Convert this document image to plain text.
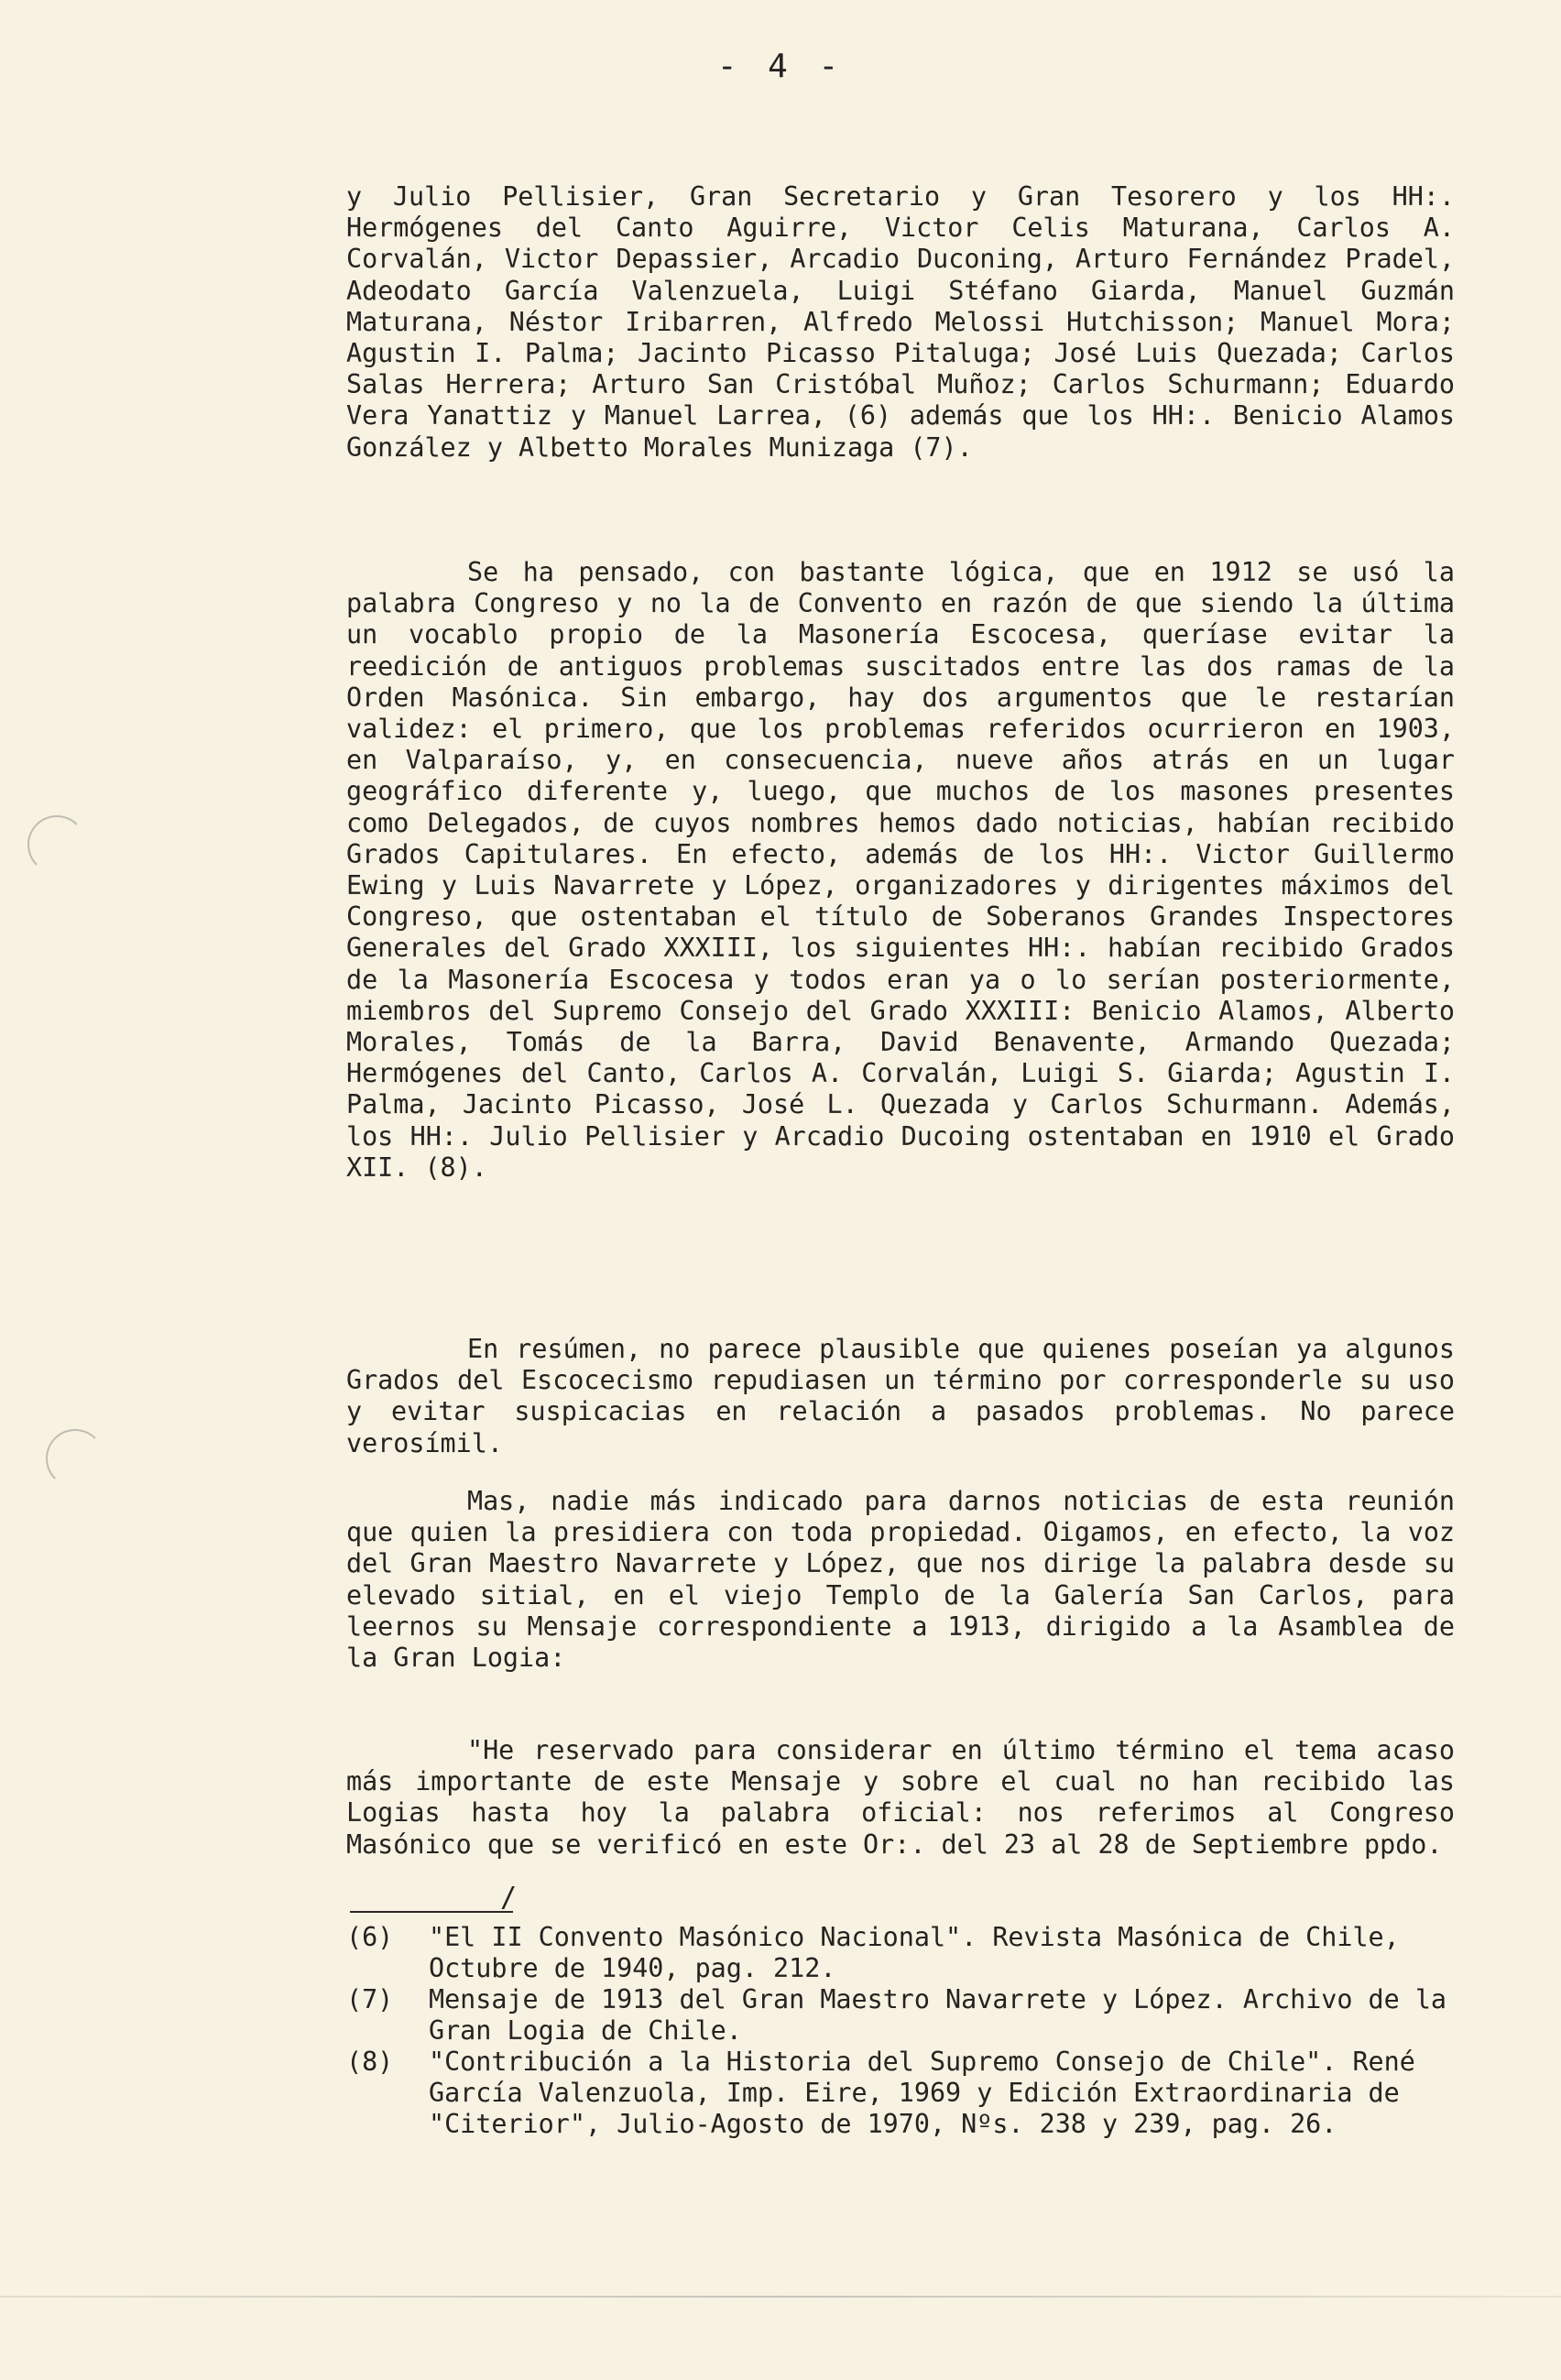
- 4 -
y Julio Pellisier, Gran Secretario y Gran Tesorero y los HH:. Hermógenes del Canto Aguirre, Victor Celis Maturana, Carlos A. Corvalán, Victor Depassier, Arcadio Duconing, Arturo Fernández Pradel, Adeodato García Valenzuela, Luigi Stéfano Giarda, Manuel Guzmán Maturana, Néstor Iribarren, Alfredo Melossi Hutchisson; Manuel Mora; Agustin I. Palma; Jacinto Picasso Pitaluga; José Luis Quezada; Carlos Salas Herrera; Arturo San Cristóbal Muñoz; Carlos Schurmann; Eduardo Vera Yanattiz y Manuel Larrea, (6) además que los HH:. Benicio Alamos González y Albetto Morales Munizaga (7).
Se ha pensado, con bastante lógica, que en 1912 se usó la palabra Congreso y no la de Convento en razón de que siendo la última un vocablo propio de la Masonería Escocesa, queríase evitar la reedición de antiguos problemas suscitados entre las dos ramas de la Orden Masónica. Sin embargo, hay dos argumentos que le restarían validez: el primero, que los problemas referidos ocurrieron en 1903, en Valparaíso, y, en consecuencia, nueve años atrás en un lugar geográfico diferente y, luego, que muchos de los masones presentes como Delegados, de cuyos nombres hemos dado noticias, habían recibido Grados Capitulares. En efecto, además de los HH:. Victor Guillermo Ewing y Luis Navarrete y López, organizadores y dirigentes máximos del Congreso, que ostentaban el título de Soberanos Grandes Inspectores Generales del Grado XXXIII, los siguientes HH:. habían recibido Grados de la Masonería Escocesa y todos eran ya o lo serían posteriormente, miembros del Supremo Consejo del Grado XXXIII: Benicio Alamos, Alberto Morales, Tomás de la Barra, David Benavente, Armando Quezada; Hermógenes del Canto, Carlos A. Corvalán, Luigi S. Giarda; Agustin I. Palma, Jacinto Picasso, José L. Quezada y Carlos Schurmann. Además, los HH:. Julio Pellisier y Arcadio Ducoing ostentaban en 1910 el Grado XII. (8).
En resúmen, no parece plausible que quienes poseían ya algunos Grados del Escocecismo repudiasen un término por corresponderle su uso y evitar suspicacias en relación a pasados problemas. No parece verosímil.
Mas, nadie más indicado para darnos noticias de esta reunión que quien la presidiera con toda propiedad. Oigamos, en efecto, la voz del Gran Maestro Navarrete y López, que nos dirige la palabra desde su elevado sitial, en el viejo Templo de la Galería San Carlos, para leernos su Mensaje correspondiente a 1913, dirigido a la Asamblea de la Gran Logia:
"He reservado para considerar en último término el tema acaso más importante de este Mensaje y sobre el cual no han recibido las Logias hasta hoy la palabra oficial: nos referimos al Congreso Masónico que se verificó en este Or:. del 23 al 28 de Septiembre ppdo.
/
(6) "El II Convento Masónico Nacional". Revista Masónica de Chile, Octubre de 1940, pag. 212.
(7) Mensaje de 1913 del Gran Maestro Navarrete y López. Archivo de la Gran Logia de Chile.
(8) "Contribución a la Historia del Supremo Consejo de Chile". René García Valenzuola, Imp. Eire, 1969 y Edición Extraordinaria de "Citerior", Julio-Agosto de 1970, Nºs. 238 y 239, pag. 26.
